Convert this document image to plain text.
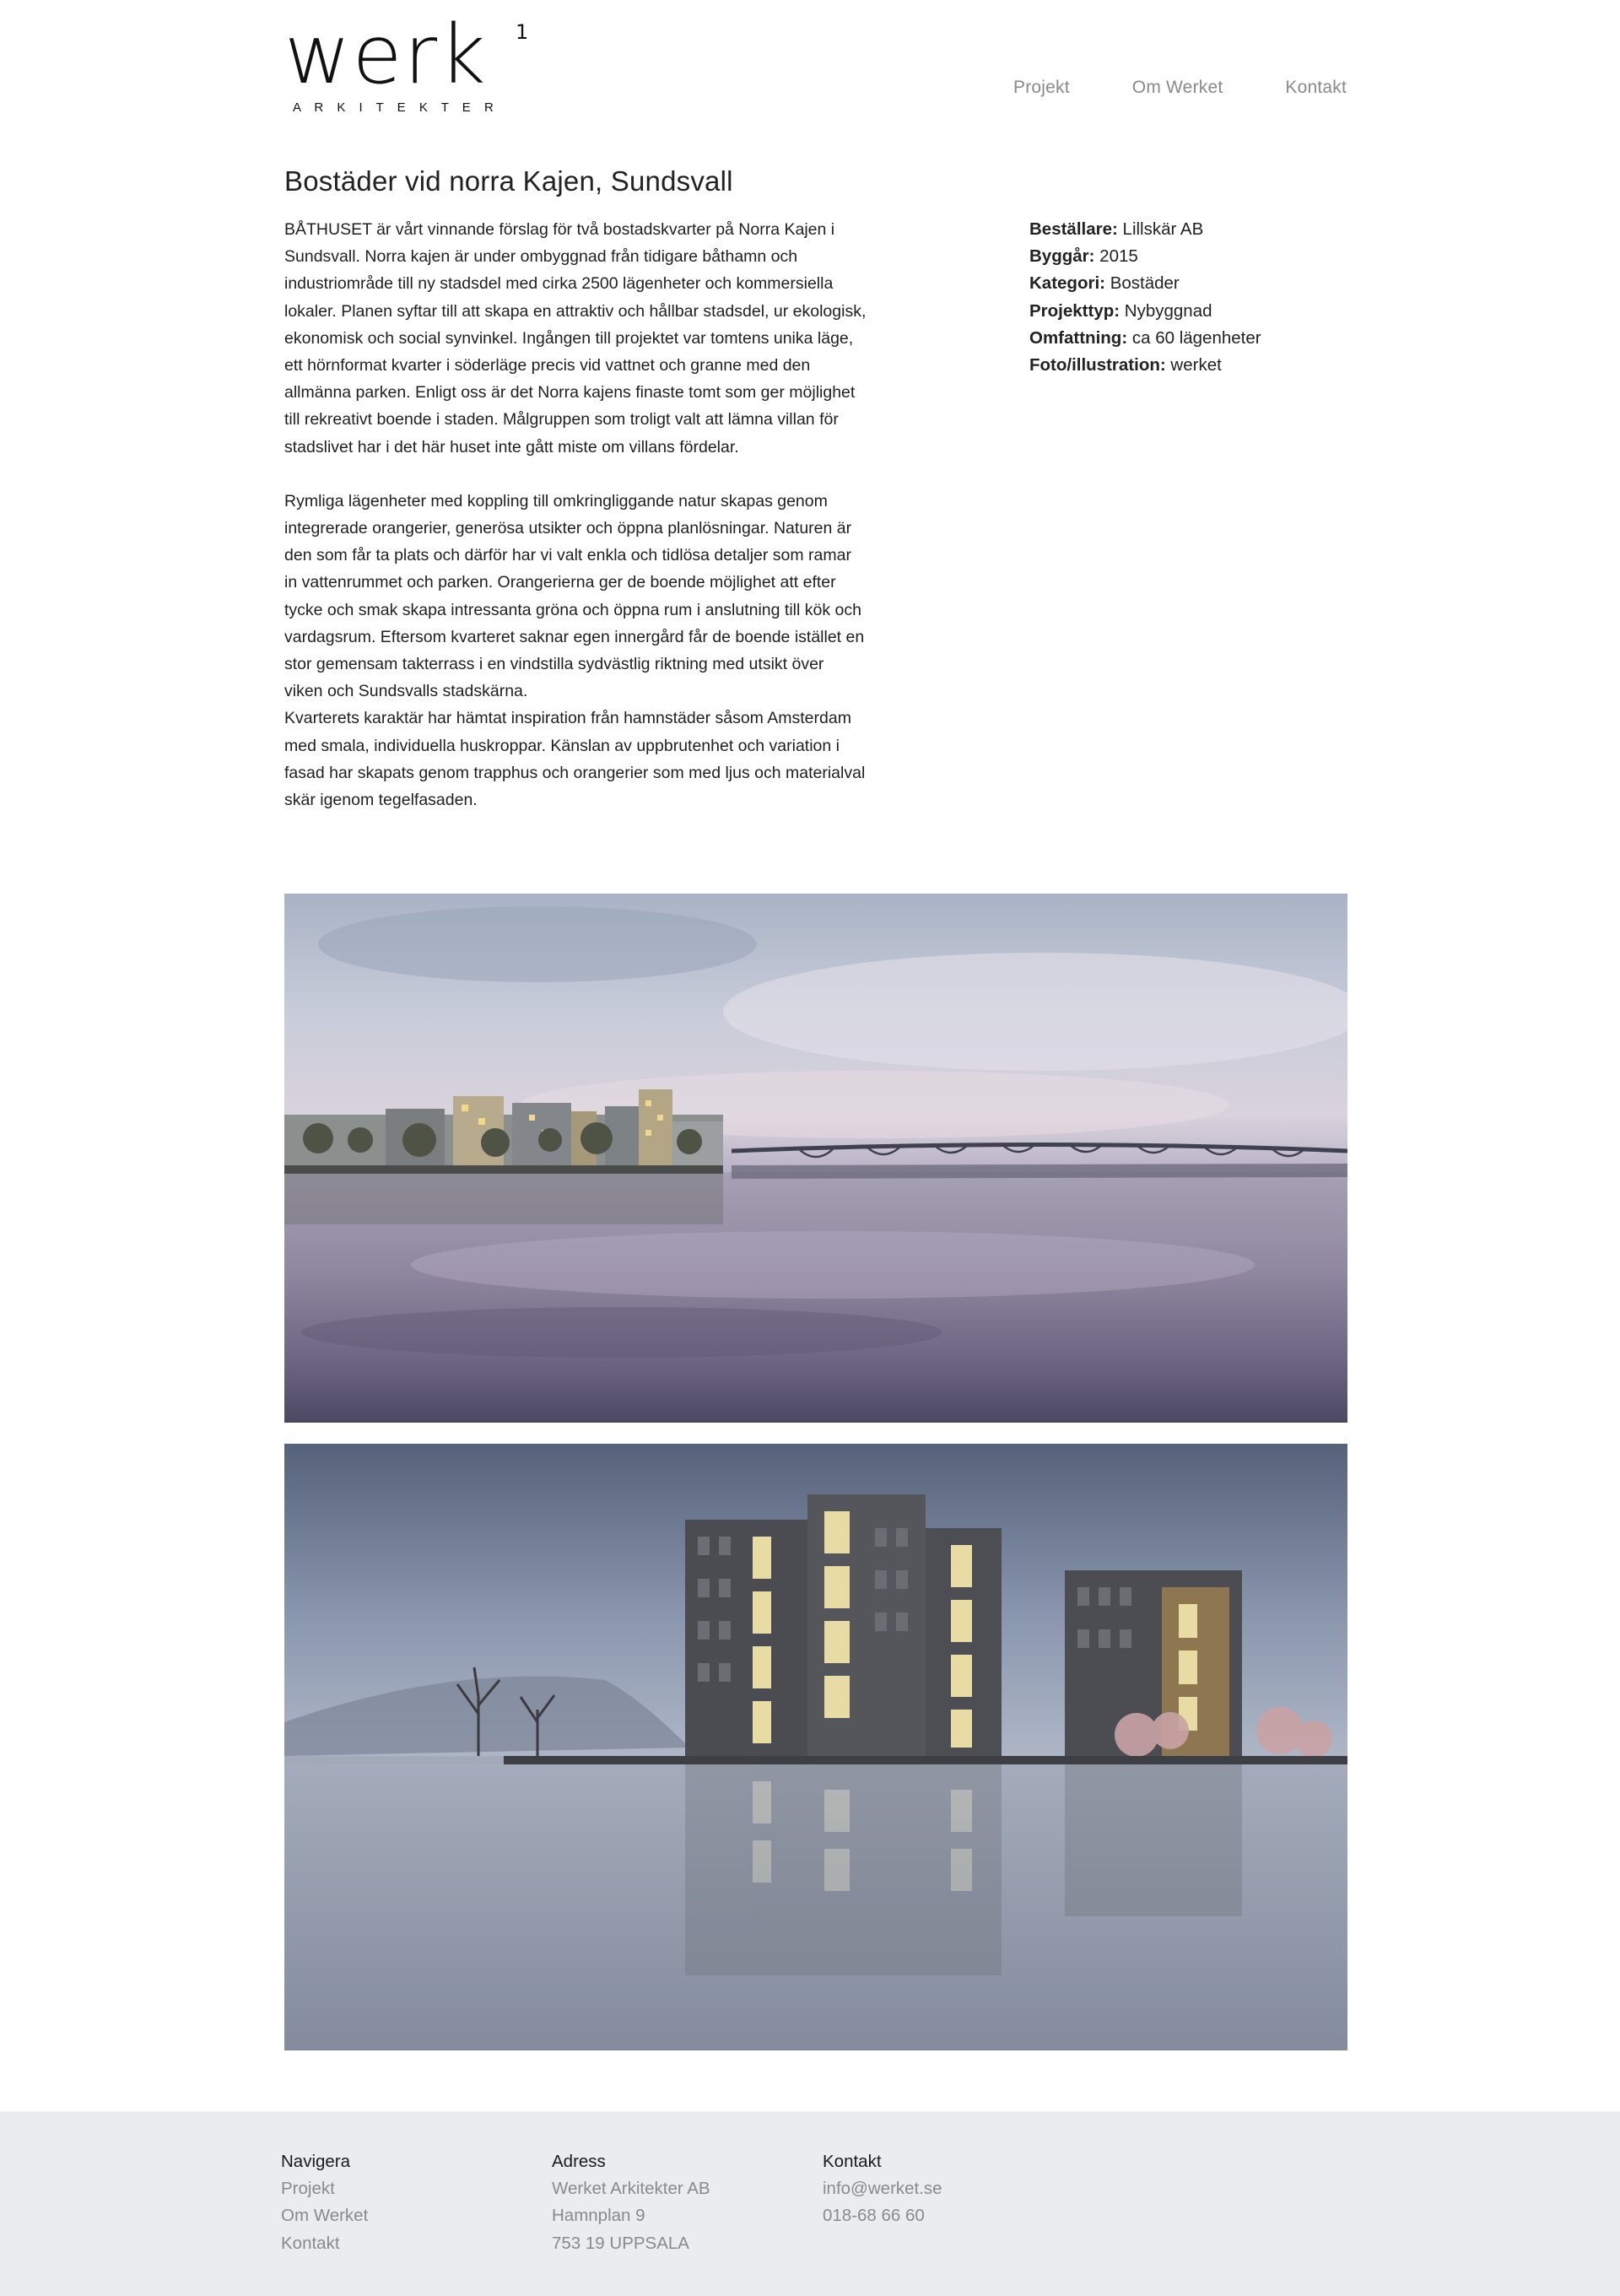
werk 1
A R K I T E K T E R
Projekt	Om Werket	Kontakt
Bostäder vid norra Kajen, Sundsvall

BÅTHUSET är vårt vinnande förslag för två bostadskvarter på Norra Kajen i Sundsvall. Norra kajen är under ombyggnad från tidigare båthamn och industriområde till ny stadsdel med cirka 2500 lägenheter och kommersiella lokaler. Planen syftar till att skapa en attraktiv och hållbar stadsdel, ur ekologisk, ekonomisk och social synvinkel. Ingången till projektet var tomtens unika läge, ett hörnformat kvarter i söderläge precis vid vattnet och granne med den allmänna parken. Enligt oss är det Norra kajens finaste tomt som ger möjlighet till rekreativt boende i staden. Målgruppen som troligt valt att lämna villan för stadslivet har i det här huset inte gått miste om villans fördelar.

Rymliga lägenheter med koppling till omkringliggande natur skapas genom integrerade orangerier, generösa utsikter och öppna planlösningar. Naturen är den som får ta plats och därför har vi valt enkla och tidlösa detaljer som ramar in vattenrummet och parken. Orangerierna ger de boende möjlighet att efter tycke och smak skapa intressanta gröna och öppna rum i anslutning till kök och vardagsrum. Eftersom kvarteret saknar egen innergård får de boende istället en stor gemensam takterrass i en vindstilla sydvästlig riktning med utsikt över viken och Sundsvalls stadskärna.

Kvarterets karaktär har hämtat inspiration från hamnstäder såsom Amsterdam med smala, individuella huskroppar. Känslan av uppbrutenhet och variation i fasad har skapats genom trapphus och orangerier som med ljus och materialval skär igenom tegelfasaden.

Beställare: Lillskär AB
Byggår: 2015
Kategori: Bostäder
Projekttyp: Nybyggnad
Omfattning: ca 60 lägenheter
Foto/illustration: werket
Navigera
Projekt
Om Werket
Kontakt
Adress
Werket Arkitekter AB
Hamnplan 9
753 19 UPPSALA
Kontakt
info@werket.se
018-68 66 60
